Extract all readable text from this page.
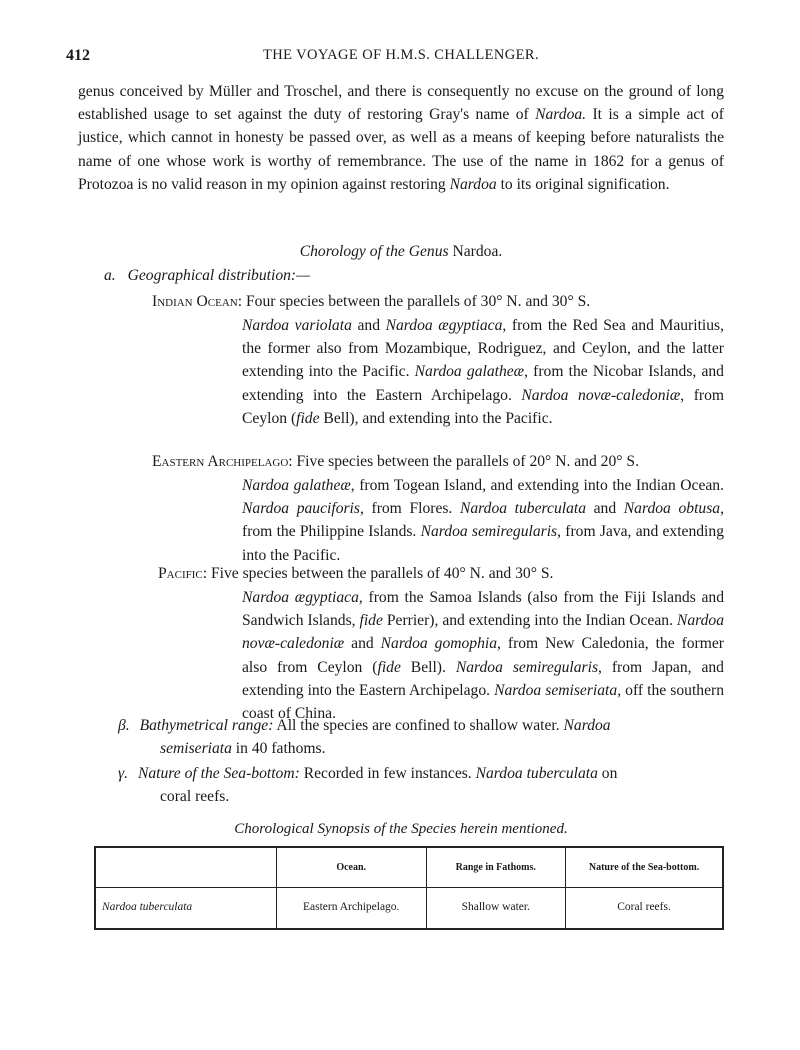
412	THE VOYAGE OF H.M.S. CHALLENGER.

genus conceived by Müller and Troschel, and there is consequently no excuse on the ground of long established usage to set against the duty of restoring Gray's name of Nardoa. It is a simple act of justice, which cannot in honesty be passed over, as well as a means of keeping before naturalists the name of one whose work is worthy of remembrance. The use of the name in 1862 for a genus of Protozoa is no valid reason in my opinion against restoring Nardoa to its original signification.

Chorology of the Genus Nardoa.
a. Geographical distribution:—
Indian Ocean: Four species between the parallels of 30° N. and 30° S.
Nardoa variolata and Nardoa ægyptiaca, from the Red Sea and Mauritius, the former also from Mozambique, Rodriguez, and Ceylon, and the latter extending into the Pacific. Nardoa galatheæ, from the Nicobar Islands, and extending into the Eastern Archipelago. Nardoa novæ-caledoniæ, from Ceylon (fide Bell), and extending into the Pacific.
Eastern Archipelago: Five species between the parallels of 20° N. and 20° S.
Nardoa galatheæ, from Togean Island, and extending into the Indian Ocean. Nardoa pauciforis, from Flores. Nardoa tuberculata and Nardoa obtusa, from the Philippine Islands. Nardoa semiregularis, from Java, and extending into the Pacific.
Pacific: Five species between the parallels of 40° N. and 30° S.
Nardoa ægyptiaca, from the Samoa Islands (also from the Fiji Islands and Sandwich Islands, fide Perrier), and extending into the Indian Ocean. Nardoa novæ-caledoniæ and Nardoa gomophia, from New Caledonia, the former also from Ceylon (fide Bell). Nardoa semiregularis, from Japan, and extending into the Eastern Archipelago. Nardoa semiseriata, off the southern coast of China.
β. Bathymetrical range: All the species are confined to shallow water. Nardoa
semiseriata in 40 fathoms.
γ. Nature of the Sea-bottom: Recorded in few instances. Nardoa tuberculata on
coral reefs.
Chorological Synopsis of the Species herein mentioned.
	Ocean.	Range in Fathoms.	Nature of the Sea-bottom.
Nardoa tuberculata	Eastern Archipelago.	Shallow water.	Coral reefs.
